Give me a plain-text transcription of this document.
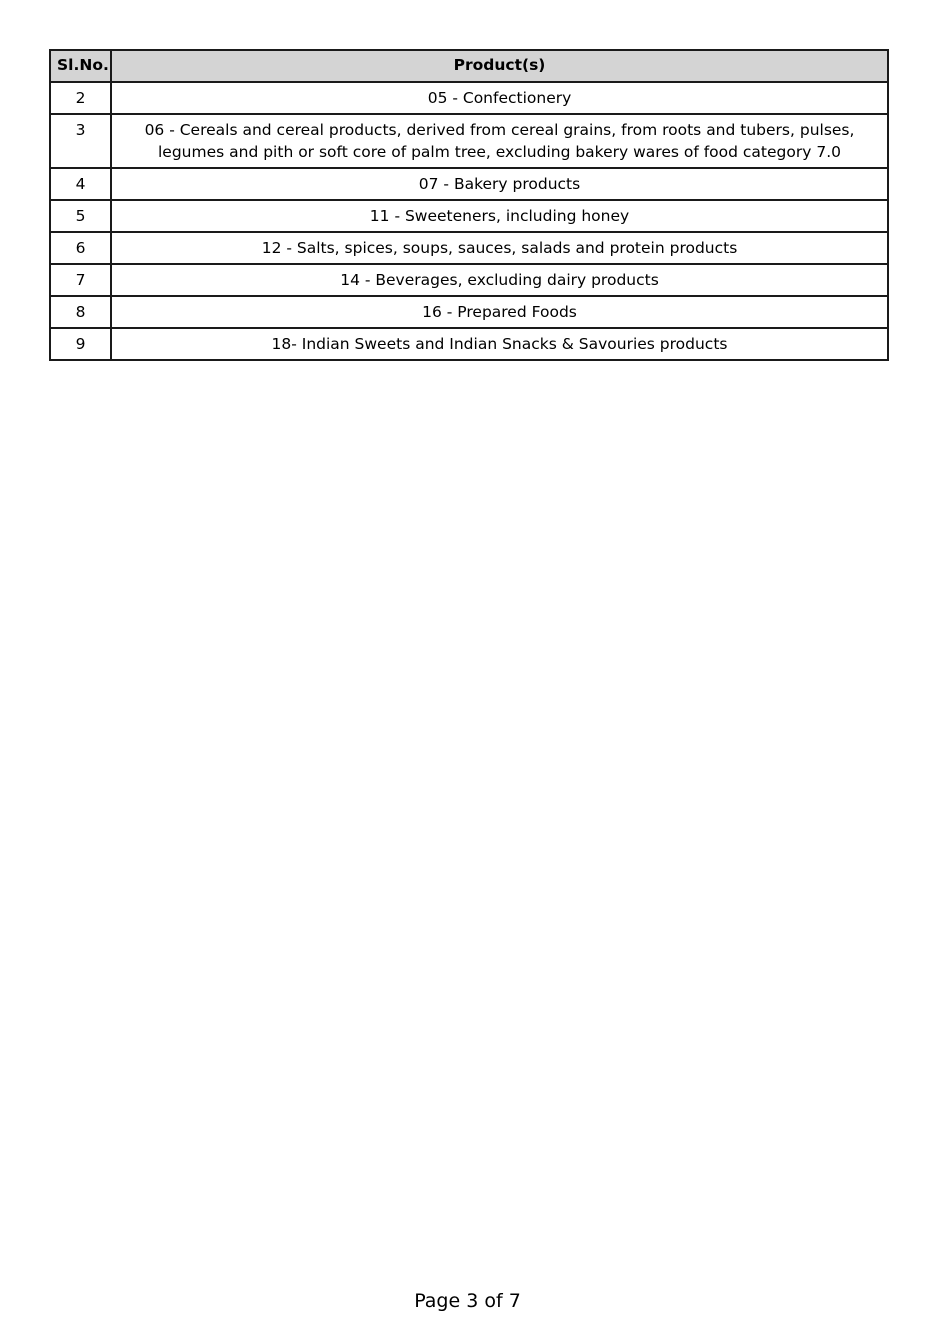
Sl.No.	Product(s)
2	05 - Confectionery
3	06 - Cereals and cereal products, derived from cereal grains, from roots and tubers, pulses, legumes and pith or soft core of palm tree, excluding bakery wares of food category 7.0
4	07 - Bakery products
5	11 - Sweeteners, including honey
6	12 - Salts, spices, soups, sauces, salads and protein products
7	14 - Beverages, excluding dairy products
8	16 - Prepared Foods
9	18- Indian Sweets and Indian Snacks & Savouries products
Page 3 of 7
